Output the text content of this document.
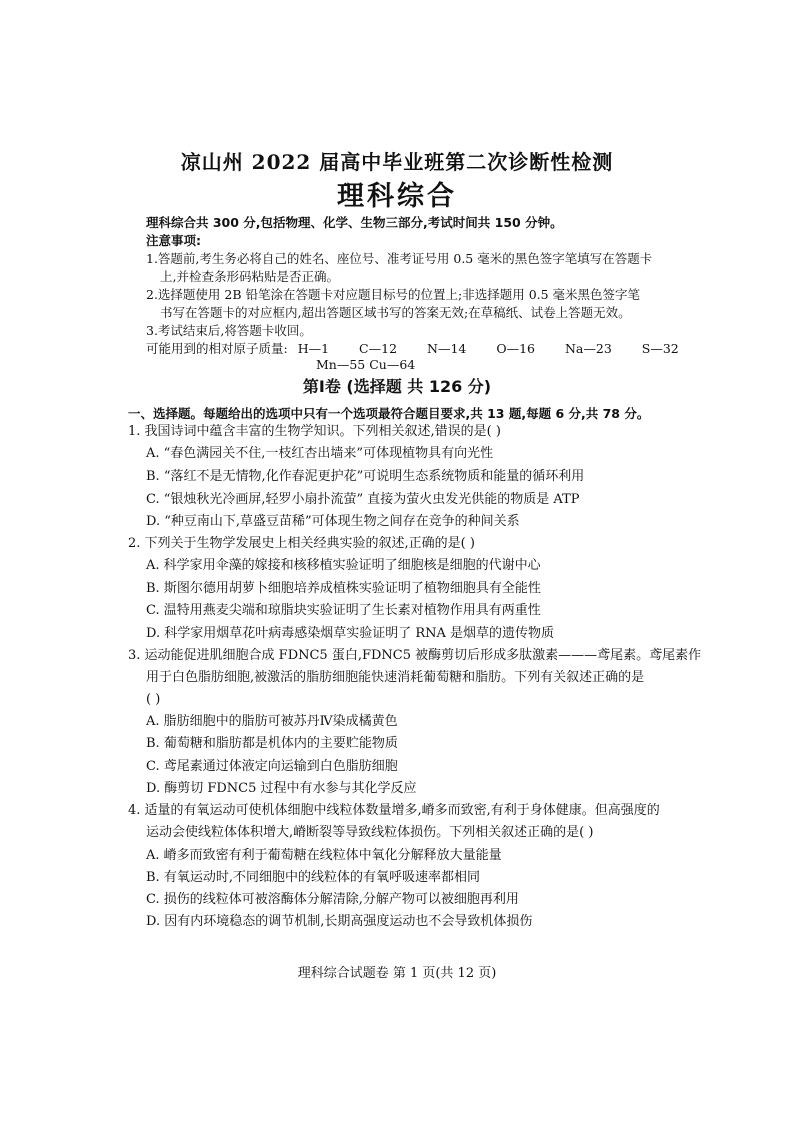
凉山州 2022 届高中毕业班第二次诊断性检测
理科综合
理科综合共 300 分,包括物理、化学、生物三部分,考试时间共 150 分钟。
注意事项:
1.答题前,考生务必将自己的姓名、座位号、准考证号用 0.5 毫米的黑色签字笔填写在答题卡
上,并检查条形码粘贴是否正确。
2.选择题使用 2B 铅笔涂在答题卡对应题目标号的位置上;非选择题用 0.5 毫米黑色签字笔
书写在答题卡的对应框内,超出答题区域书写的答案无效;在草稿纸、试卷上答题无效。
3.考试结束后,将答题卡收回。
可能用到的相对原子质量: H—1 C—12 N—14 O—16 Na—23 S—32
Mn—55 Cu—64
第Ⅰ卷 (选择题 共 126 分)
一、选择题。每题给出的选项中只有一个选项最符合题目要求,共 13 题,每题 6 分,共 78 分。
1. 我国诗词中蕴含丰富的生物学知识。下列相关叙述,错误的是( )
A. “春色满园关不住,一枝红杏出墙来”可体现植物具有向光性
B. “落红不是无情物,化作春泥更护花”可说明生态系统物质和能量的循环利用
C. “银烛秋光冷画屏,轻罗小扇扑流萤” 直接为萤火虫发光供能的物质是 ATP
D. “种豆南山下,草盛豆苗稀”可体现生物之间存在竞争的种间关系
2. 下列关于生物学发展史上相关经典实验的叙述,正确的是( )
A. 科学家用伞藻的嫁接和核移植实验证明了细胞核是细胞的代谢中心
B. 斯图尔德用胡萝卜细胞培养成植株实验证明了植物细胞具有全能性
C. 温特用燕麦尖端和琼脂块实验证明了生长素对植物作用具有两重性
D. 科学家用烟草花叶病毒感染烟草实验证明了 RNA 是烟草的遗传物质
3. 运动能促进肌细胞合成 FDNC5 蛋白,FDNC5 被酶剪切后形成多肽激素———鸢尾素。鸢尾素作
用于白色脂肪细胞,被激活的脂肪细胞能快速消耗葡萄糖和脂肪。下列有关叙述正确的是
( )
A. 脂肪细胞中的脂肪可被苏丹Ⅳ染成橘黄色
B. 葡萄糖和脂肪都是机体内的主要贮能物质
C. 鸢尾素通过体液定向运输到白色脂肪细胞
D. 酶剪切 FDNC5 过程中有水参与其化学反应
4. 适量的有氧运动可使机体细胞中线粒体数量增多,嵴多而致密,有利于身体健康。但高强度的
运动会使线粒体体积增大,嵴断裂等导致线粒体损伤。下列相关叙述正确的是( )
A. 嵴多而致密有利于葡萄糖在线粒体中氧化分解释放大量能量
B. 有氧运动时,不同细胞中的线粒体的有氧呼吸速率都相同
C. 损伤的线粒体可被溶酶体分解清除,分解产物可以被细胞再利用
D. 因有内环境稳态的调节机制,长期高强度运动也不会导致机体损伤
理科综合试题卷 第 1 页(共 12 页)
